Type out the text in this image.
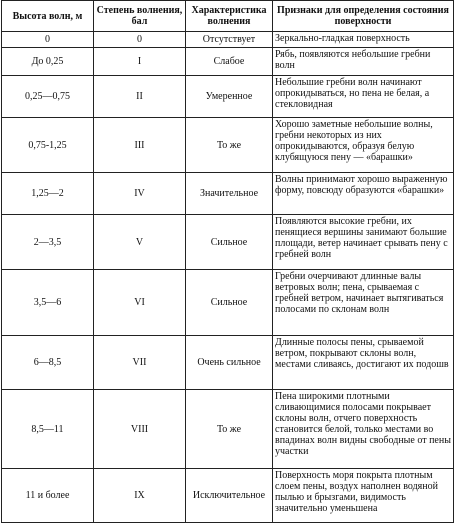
Высота волн, м	Степень волнения, бал	Характеристика волнения	Признаки для определения состояния поверхности
0	0	Отсутствует	Зеркально-гладкая поверхность
До 0,25	I	Слабое	Рябь, появляются небольшие гребни волн
0,25—0,75	II	Умеренное	Небольшие гребни волн начинают опрокидываться, но пена не белая, а стекловидная
0,75-1,25	III	То же	Хорошо заметные небольшие волны, гребни некоторых из них опрокидываются, образуя белую клубящуюся пену — «барашки»
1,25—2	IV	Значительное	Волны принимают хорошо выраженную форму, повсюду образуются «барашки»
2—3,5	V	Сильное	Появляются высокие гребни, их пенящиеся вершины занимают большие площади, ветер начинает срывать пену с гребней волн
3,5—6	VI	Сильное	Гребни очерчивают длинные валы ветровых волн; пена, срываемая с гребней ветром, начинает вытягиваться полосами по склонам волн
6—8,5	VII	Очень сильное	Длинные полосы пены, срываемой ветром, покрывают склоны волн, местами сливаясь, достигают их подошв
8,5—11	VIII	То же	Пена широкими плотными сливающимися полосами покрывает склоны волн, отчего поверхность становится белой, только местами во впадинах волн видны свободные от пены участки
11 и более	IX	Исключительное	Поверхность моря покрыта плотным слоем пены, воздух наполнен водяной пылью и брызгами, видимость значительно уменьшена
